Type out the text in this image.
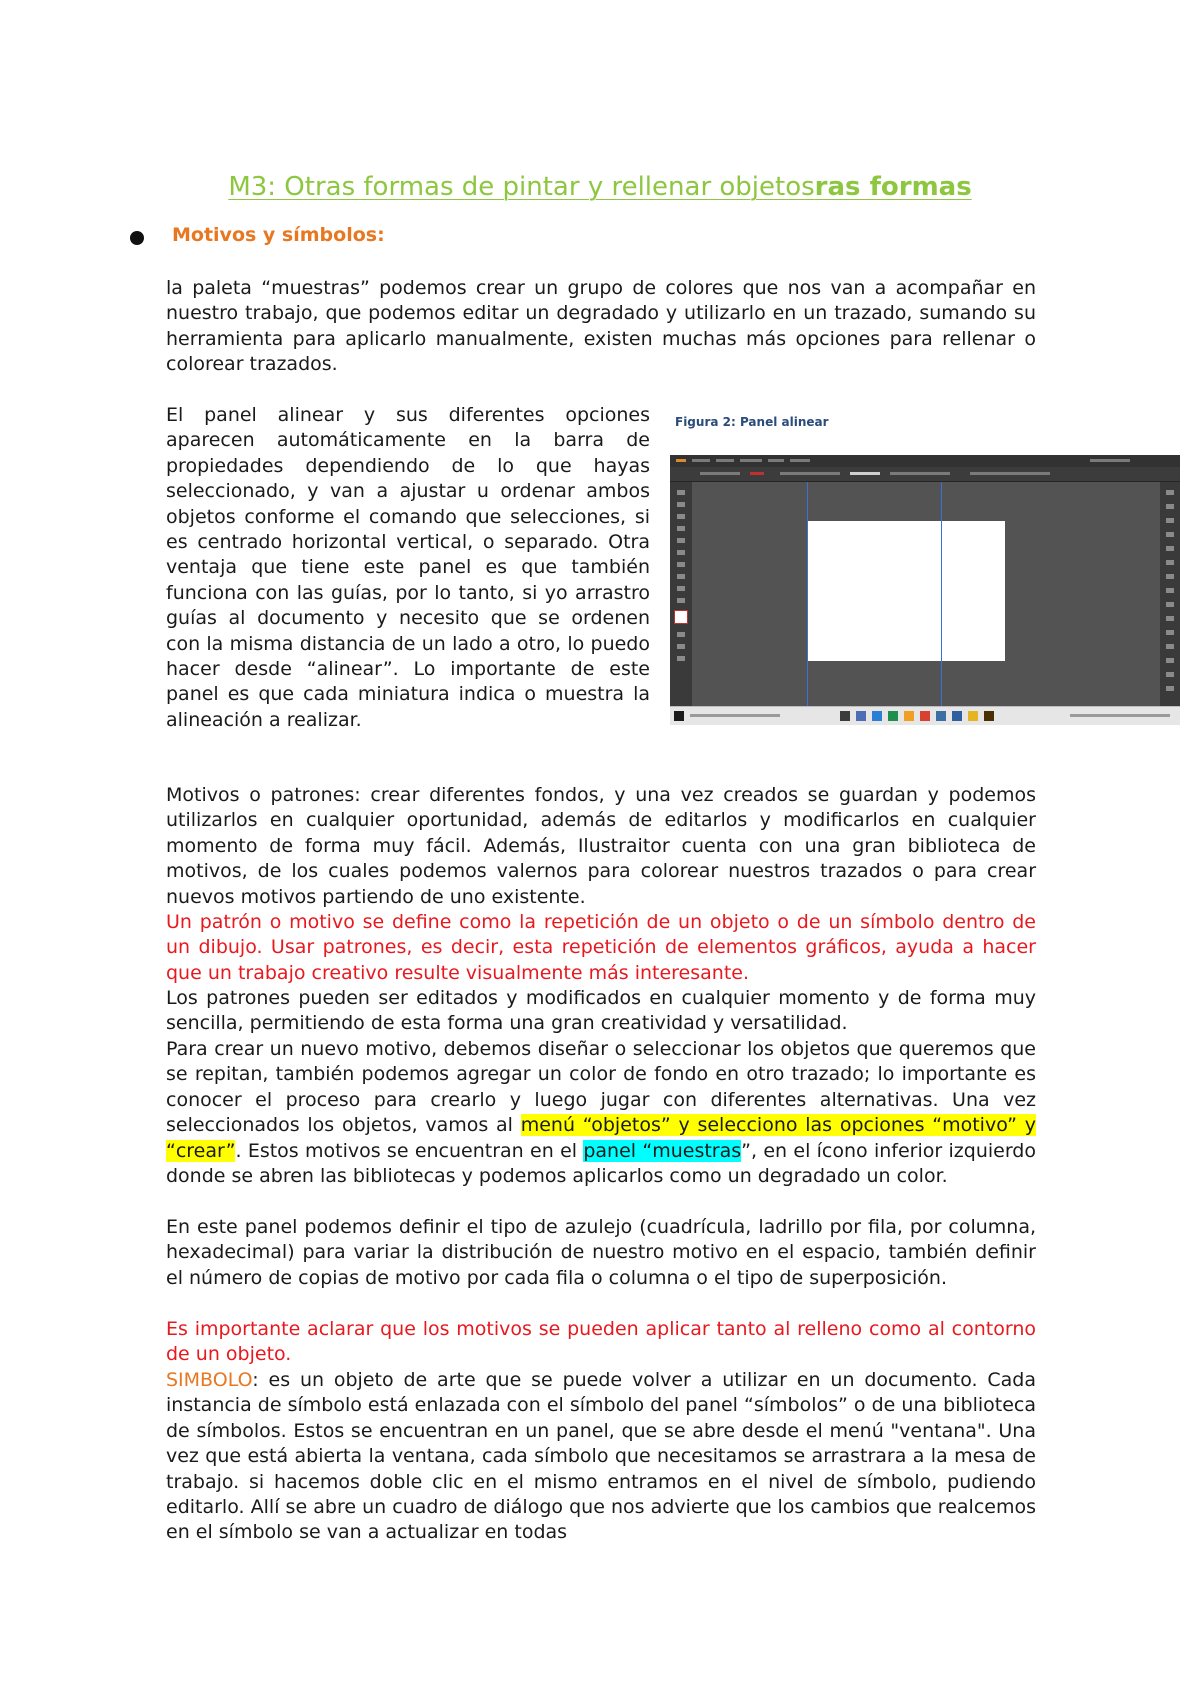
M3: Otras formas de pintar y rellenar objetosras formas
Motivos y símbolos:

la paleta “muestras” podemos crear un grupo de colores que nos van a acompañar en nuestro trabajo, que podemos editar un degradado y utilizarlo en un trazado, sumando su herramienta para aplicarlo manualmente, existen muchas más opciones para rellenar o colorear trazados.

El panel alinear y sus diferentes opciones aparecen automáticamente en la barra de propiedades dependiendo de lo que hayas seleccionado, y van a ajustar u ordenar ambos objetos conforme el comando que selecciones, si es centrado horizontal vertical, o separado. Otra ventaja que tiene este panel es que también funciona con las guías, por lo tanto, si yo arrastro guías al documento y necesito que se ordenen con la misma distancia de un lado a otro, lo puedo hacer desde “alinear”. Lo importante de este panel es que cada miniatura indica o muestra la alineación a realizar.

Figura 2: Panel alinear

Motivos o patrones: crear diferentes fondos, y una vez creados se guardan y podemos utilizarlos en cualquier oportunidad, además de editarlos y modificarlos en cualquier momento de forma muy fácil. Además, Ilustraitor cuenta con una gran biblioteca de motivos, de los cuales podemos valernos para colorear nuestros trazados o para crear nuevos motivos partiendo de uno existente.

Un patrón o motivo se define como la repetición de un objeto o de un símbolo dentro de un dibujo. Usar patrones, es decir, esta repetición de elementos gráficos, ayuda a hacer que un trabajo creativo resulte visualmente más interesante.

Los patrones pueden ser editados y modificados en cualquier momento y de forma muy sencilla, permitiendo de esta forma una gran creatividad y versatilidad.

Para crear un nuevo motivo, debemos diseñar o seleccionar los objetos que queremos que se repitan, también podemos agregar un color de fondo en otro trazado; lo importante es conocer el proceso para crearlo y luego jugar con diferentes alternativas. Una vez seleccionados los objetos, vamos al menú “objetos” y selecciono las opciones “motivo” y “crear”. Estos motivos se encuentran en el panel “muestras”, en el ícono inferior izquierdo donde se abren las bibliotecas y podemos aplicarlos como un degradado un color.

En este panel podemos definir el tipo de azulejo (cuadrícula, ladrillo por fila, por columna, hexadecimal) para variar la distribución de nuestro motivo en el espacio, también definir el número de copias de motivo por cada fila o columna o el tipo de superposición.

Es importante aclarar que los motivos se pueden aplicar tanto al relleno como al contorno de un objeto.

SIMBOLO: es un objeto de arte que se puede volver a utilizar en un documento. Cada instancia de símbolo está enlazada con el símbolo del panel “símbolos” o de una biblioteca de símbolos. Estos se encuentran en un panel, que se abre desde el menú "ventana". Una vez que está abierta la ventana, cada símbolo que necesitamos se arrastrara a la mesa de trabajo. si hacemos doble clic en el mismo entramos en el nivel de símbolo, pudiendo editarlo. Allí se abre un cuadro de diálogo que nos advierte que los cambios que realcemos en el símbolo se van a actualizar en todas
